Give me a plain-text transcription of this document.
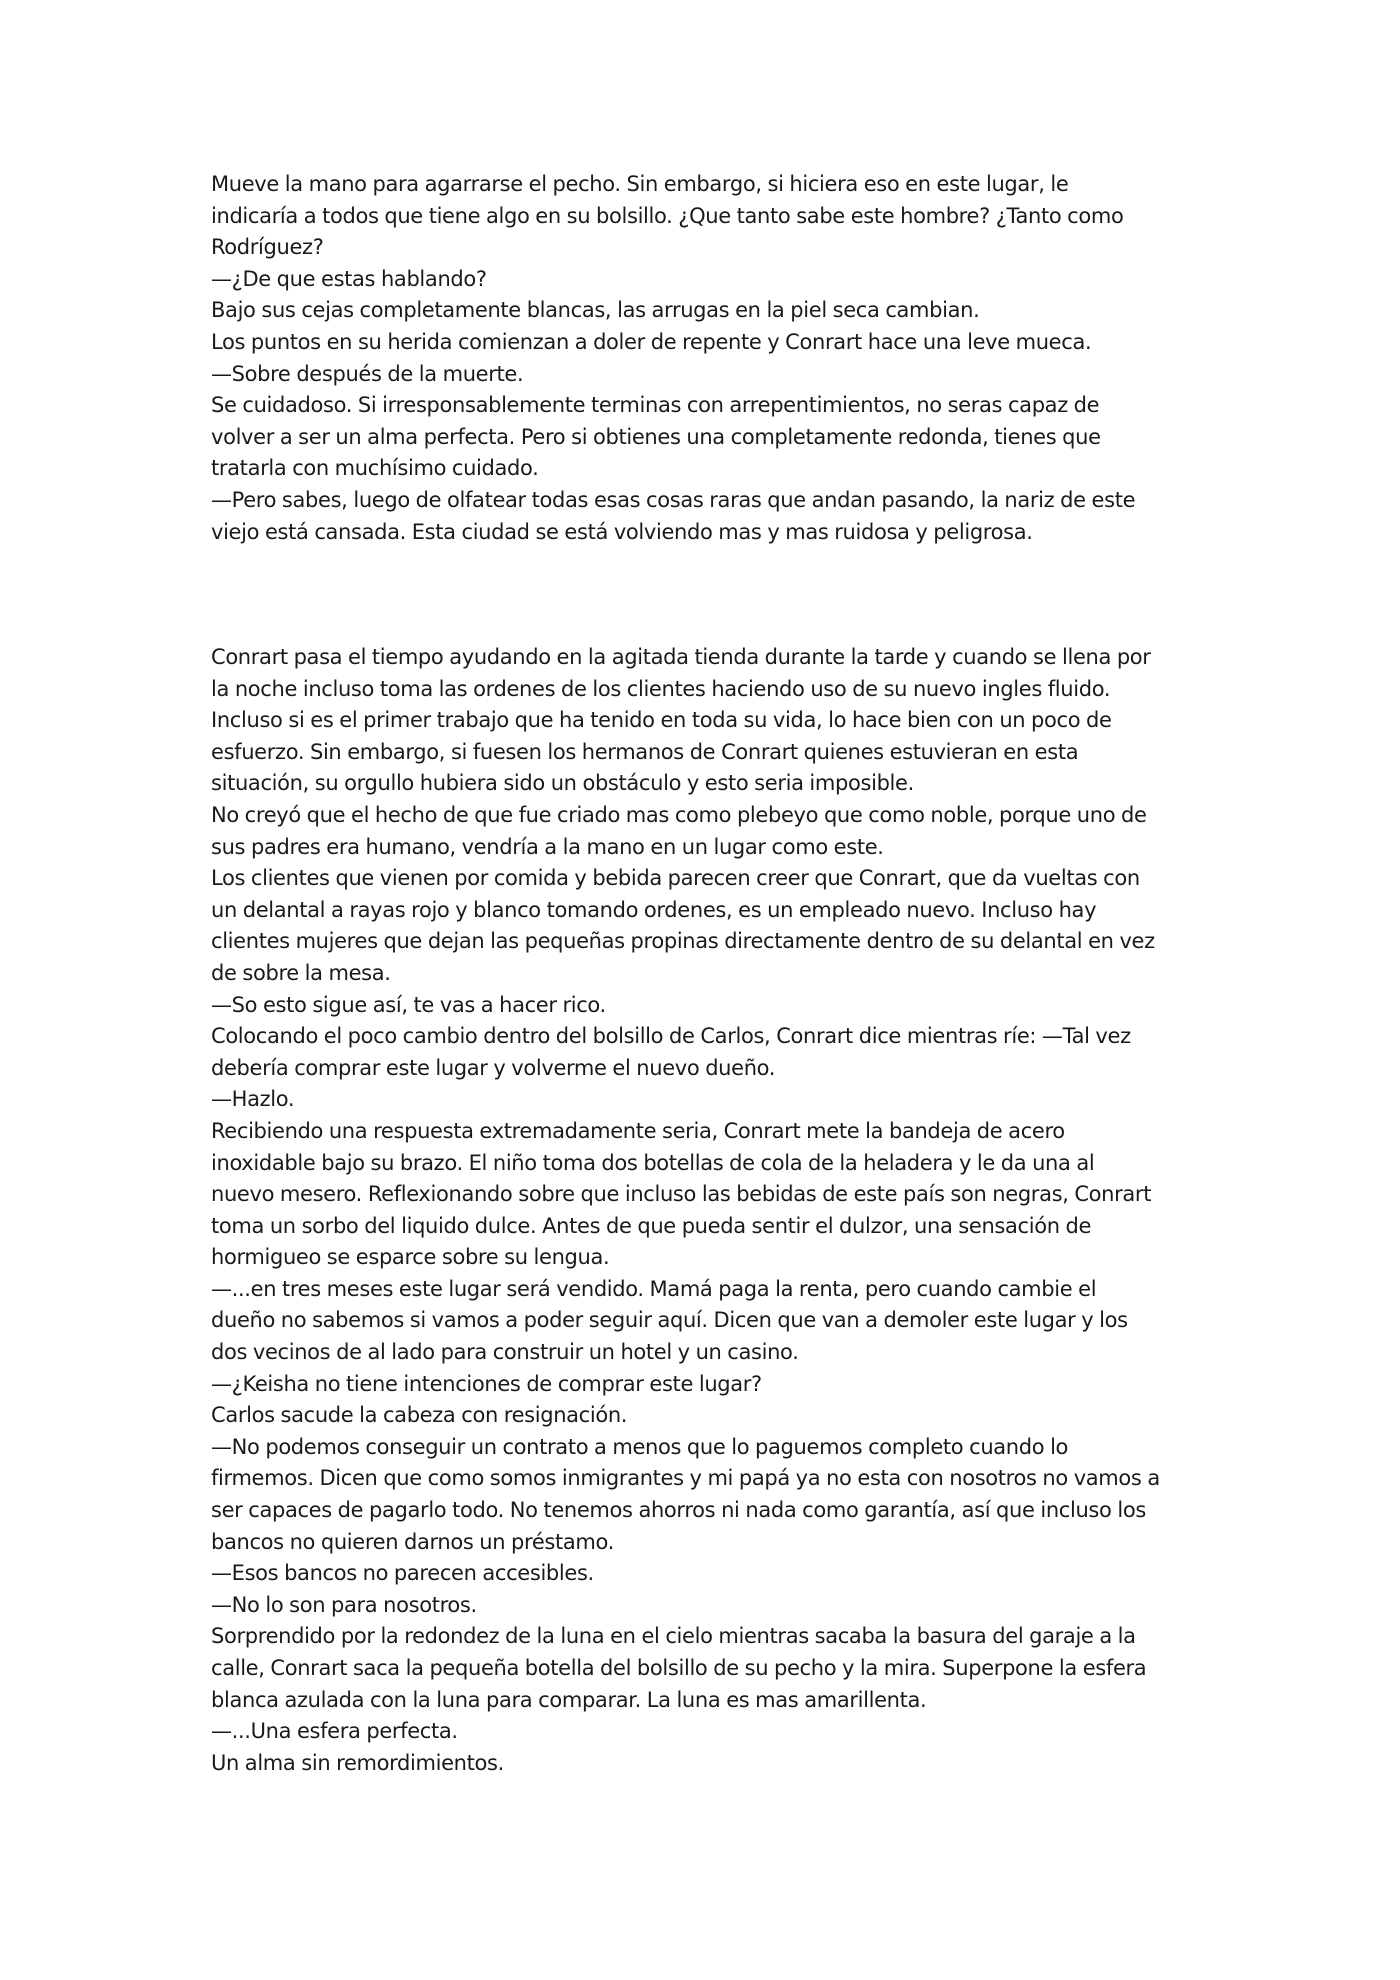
Mueve la mano para agarrarse el pecho. Sin embargo, si hiciera eso en este lugar, le

indicaría a todos que tiene algo en su bolsillo. ¿Que tanto sabe este hombre? ¿Tanto como

Rodríguez?

—¿De que estas hablando?

Bajo sus cejas completamente blancas, las arrugas en la piel seca cambian.

Los puntos en su herida comienzan a doler de repente y Conrart hace una leve mueca.

—Sobre después de la muerte.

Se cuidadoso. Si irresponsablemente terminas con arrepentimientos, no seras capaz de

volver a ser un alma perfecta. Pero si obtienes una completamente redonda, tienes que

tratarla con muchísimo cuidado.

—Pero sabes, luego de olfatear todas esas cosas raras que andan pasando, la nariz de este

viejo está cansada. Esta ciudad se está volviendo mas y mas ruidosa y peligrosa.

Conrart pasa el tiempo ayudando en la agitada tienda durante la tarde y cuando se llena por

la noche incluso toma las ordenes de los clientes haciendo uso de su nuevo ingles fluido.

Incluso si es el primer trabajo que ha tenido en toda su vida, lo hace bien con un poco de

esfuerzo. Sin embargo, si fuesen los hermanos de Conrart quienes estuvieran en esta

situación, su orgullo hubiera sido un obstáculo y esto seria imposible.

No creyó que el hecho de que fue criado mas como plebeyo que como noble, porque uno de

sus padres era humano, vendría a la mano en un lugar como este.

Los clientes que vienen por comida y bebida parecen creer que Conrart, que da vueltas con

un delantal a rayas rojo y blanco tomando ordenes, es un empleado nuevo. Incluso hay

clientes mujeres que dejan las pequeñas propinas directamente dentro de su delantal en vez

de sobre la mesa.

—So esto sigue así, te vas a hacer rico.

Colocando el poco cambio dentro del bolsillo de Carlos, Conrart dice mientras ríe: —Tal vez

debería comprar este lugar y volverme el nuevo dueño.

—Hazlo.

Recibiendo una respuesta extremadamente seria, Conrart mete la bandeja de acero

inoxidable bajo su brazo. El niño toma dos botellas de cola de la heladera y le da una al

nuevo mesero. Reflexionando sobre que incluso las bebidas de este país son negras, Conrart

toma un sorbo del liquido dulce. Antes de que pueda sentir el dulzor, una sensación de

hormigueo se esparce sobre su lengua.

—...en tres meses este lugar será vendido. Mamá paga la renta, pero cuando cambie el

dueño no sabemos si vamos a poder seguir aquí. Dicen que van a demoler este lugar y los

dos vecinos de al lado para construir un hotel y un casino.

—¿Keisha no tiene intenciones de comprar este lugar?

Carlos sacude la cabeza con resignación.

—No podemos conseguir un contrato a menos que lo paguemos completo cuando lo

firmemos. Dicen que como somos inmigrantes y mi papá ya no esta con nosotros no vamos a

ser capaces de pagarlo todo. No tenemos ahorros ni nada como garantía, así que incluso los

bancos no quieren darnos un préstamo.

—Esos bancos no parecen accesibles.

—No lo son para nosotros.

Sorprendido por la redondez de la luna en el cielo mientras sacaba la basura del garaje a la

calle, Conrart saca la pequeña botella del bolsillo de su pecho y la mira. Superpone la esfera

blanca azulada con la luna para comparar. La luna es mas amarillenta.

—...Una esfera perfecta.

Un alma sin remordimientos.
